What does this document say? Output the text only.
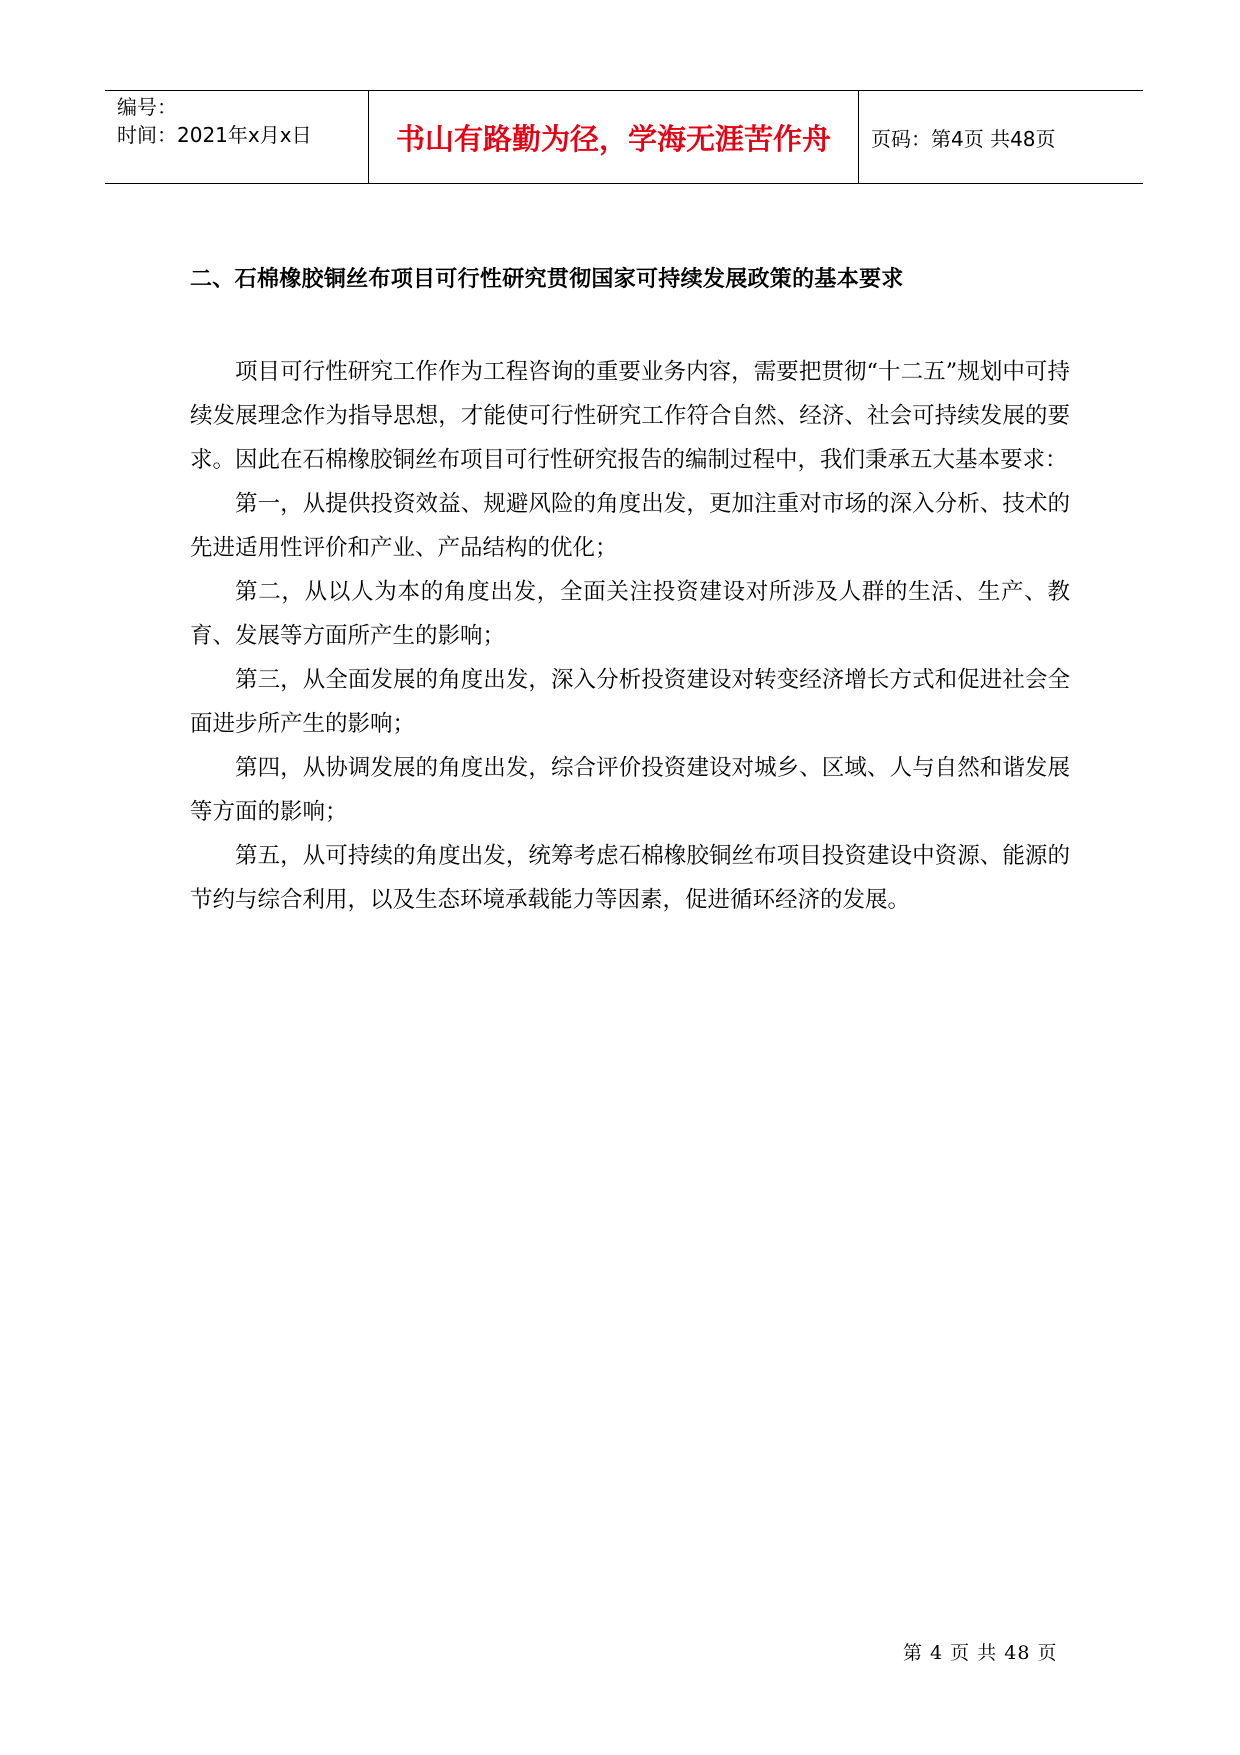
编号：
时间：2021年x月x日	书山有路勤为径，学海无涯苦作舟	页码：第4页 共48页
二、石棉橡胶铜丝布项目可行性研究贯彻国家可持续发展政策的基本要求

项目可行性研究工作作为工程咨询的重要业务内容，需要把贯彻“十二五”规划中可持续发展理念作为指导思想，才能使可行性研究工作符合自然、经济、社会可持续发展的要求。因此在石棉橡胶铜丝布项目可行性研究报告的编制过程中，我们秉承五大基本要求：

第一，从提供投资效益、规避风险的角度出发，更加注重对市场的深入分析、技术的先进适用性评价和产业、产品结构的优化；

第二，从以人为本的角度出发，全面关注投资建设对所涉及人群的生活、生产、教育、发展等方面所产生的影响；

第三，从全面发展的角度出发，深入分析投资建设对转变经济增长方式和促进社会全面进步所产生的影响；

第四，从协调发展的角度出发，综合评价投资建设对城乡、区域、人与自然和谐发展等方面的影响；

第五，从可持续的角度出发，统筹考虑石棉橡胶铜丝布项目投资建设中资源、能源的节约与综合利用，以及生态环境承载能力等因素，促进循环经济的发展。

第 4 页 共 48 页
